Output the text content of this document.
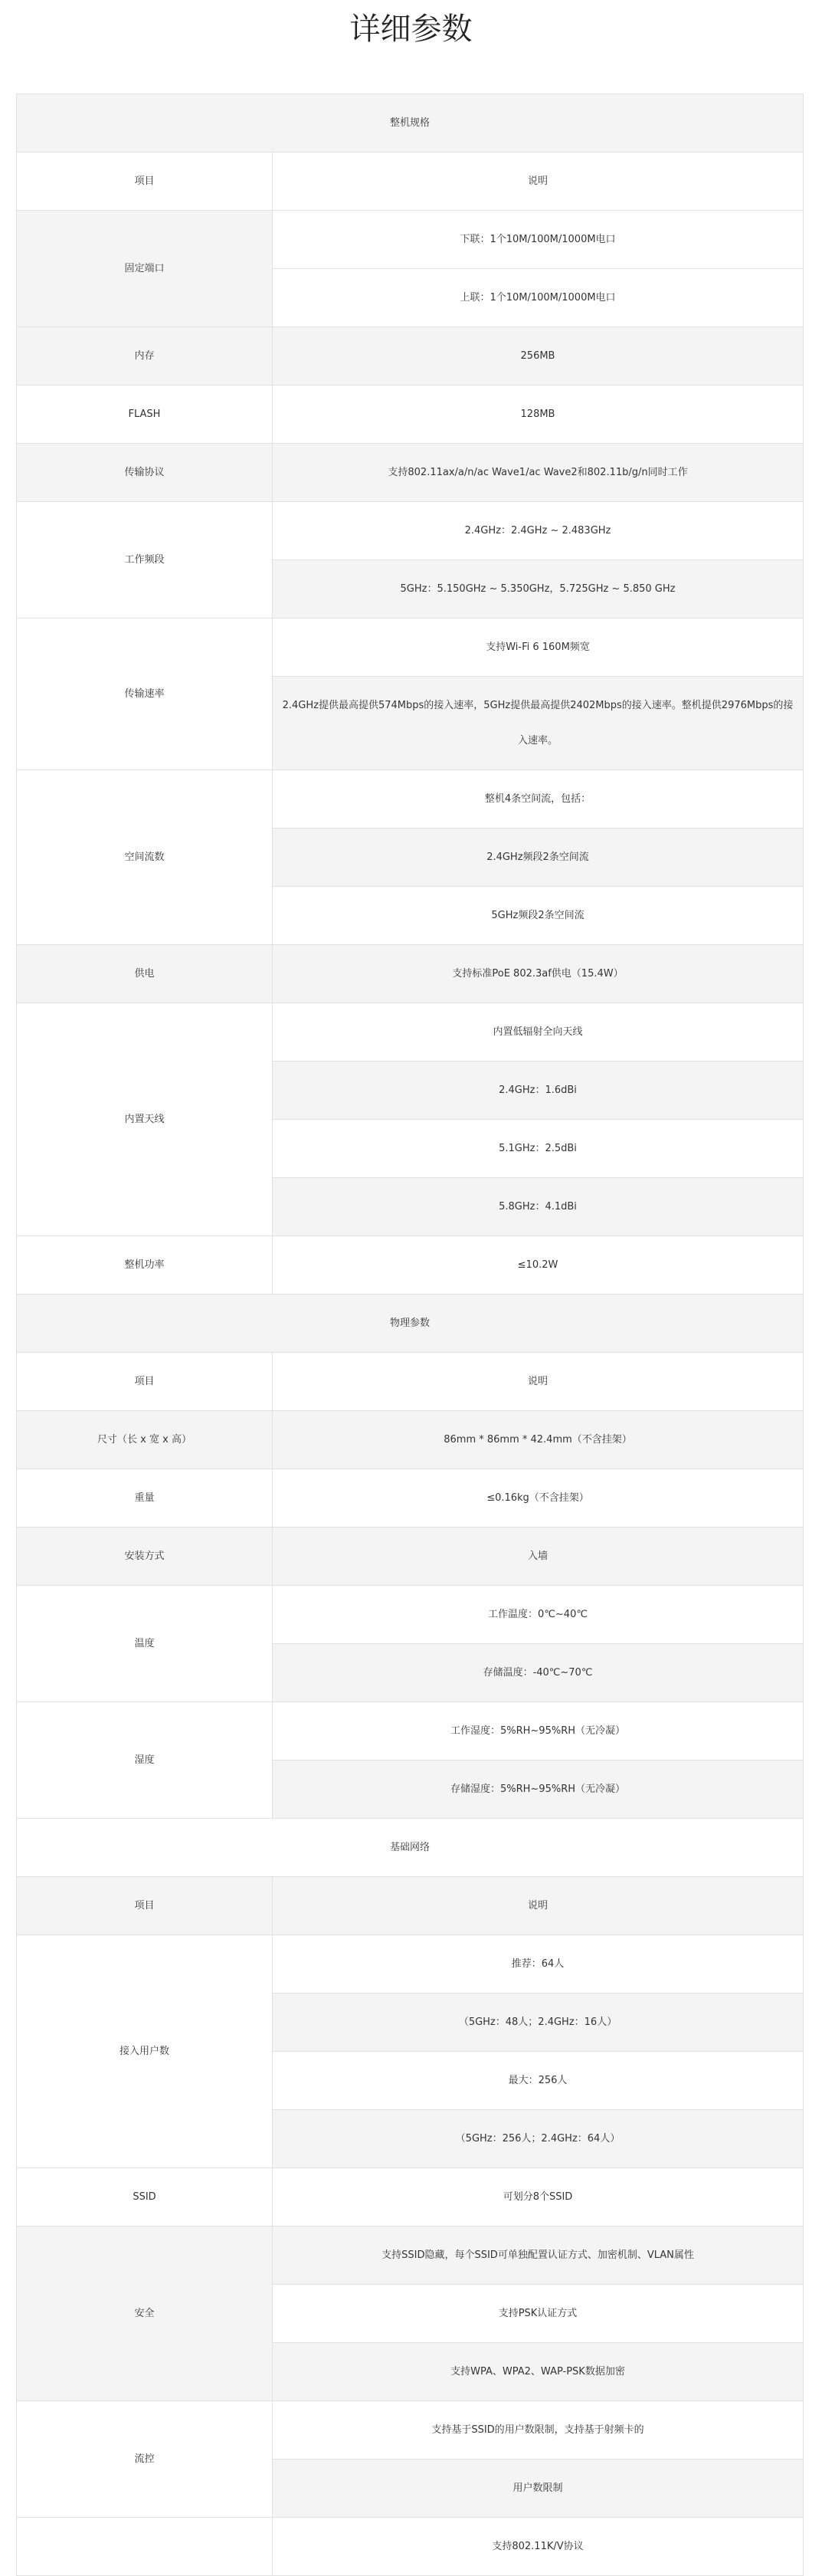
详细参数
整机规格	
项目	说明
固定端口	下联：1个10M/100M/1000M电口
	上联：1个10M/100M/1000M电口
内存	256MB
FLASH	128MB
传输协议	支持802.11ax/a/n/ac Wave1/ac Wave2和802.11b/g/n同时工作
工作频段	2.4GHz：2.4GHz ~ 2.483GHz
	5GHz：5.150GHz ~ 5.350GHz，5.725GHz ~ 5.850 GHz
传输速率	支持Wi-Fi 6 160M频宽
	2.4GHz提供最高提供574Mbps的接入速率，5GHz提供最高提供2402Mbps的接入速率。整机提供2976Mbps的接入速率。
空间流数	整机4条空间流，包括：
	2.4GHz频段2条空间流
	5GHz频段2条空间流
供电	支持标准PoE 802.3af供电（15.4W）
内置天线	内置低辐射全向天线
	2.4GHz：1.6dBi
	5.1GHz：2.5dBi
	5.8GHz：4.1dBi
整机功率	≤10.2W
物理参数	
项目	说明
尺寸（长 x 宽 x 高）	86mm * 86mm * 42.4mm（不含挂架）
重量	≤0.16kg（不含挂架）
安装方式	入墙
温度	工作温度：0℃~40℃
	存储温度：-40℃~70℃
湿度	工作湿度：5%RH~95%RH（无冷凝）
	存储湿度：5%RH~95%RH（无冷凝）
基础网络	
项目	说明
接入用户数	推荐：64人
	（5GHz：48人；2.4GHz：16人）
	最大：256人
	（5GHz：256人；2.4GHz：64人）
SSID	可划分8个SSID
安全	支持SSID隐藏，每个SSID可单独配置认证方式、加密机制、VLAN属性
	支持PSK认证方式
	支持WPA、WPA2、WAP-PSK数据加密
流控	支持基于SSID的用户数限制，支持基于射频卡的
	用户数限制
	支持802.11K/V协议
